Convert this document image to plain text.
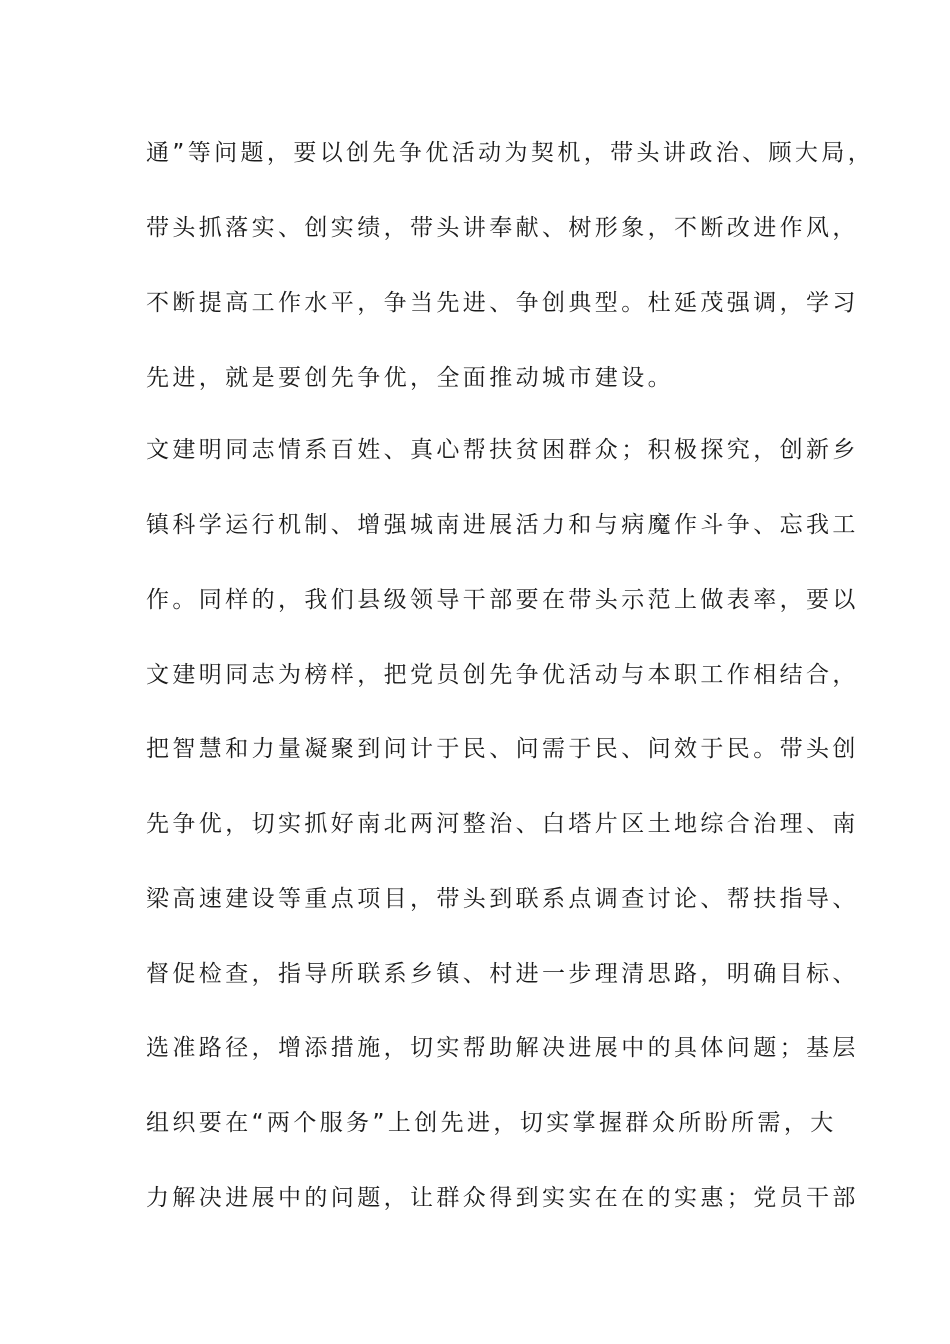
通”等问题，要以创先争优活动为契机，带头讲政治、顾大局，
带头抓落实、创实绩，带头讲奉献、树形象，不断改进作风，
不断提高工作水平，争当先进、争创典型。杜延茂强调，学习
先进，就是要创先争优，全面推动城市建设。
文建明同志情系百姓、真心帮扶贫困群众；积极探究，创新乡
镇科学运行机制、增强城南进展活力和与病魔作斗争、忘我工
作。同样的，我们县级领导干部要在带头示范上做表率，要以
文建明同志为榜样，把党员创先争优活动与本职工作相结合，
把智慧和力量凝聚到问计于民、问需于民、问效于民。带头创
先争优，切实抓好南北两河整治、白塔片区土地综合治理、南
梁高速建设等重点项目，带头到联系点调查讨论、帮扶指导、
督促检查，指导所联系乡镇、村进一步理清思路，明确目标、
选准路径，增添措施，切实帮助解决进展中的具体问题；基层
组织要在“两个服务”上创先进，切实掌握群众所盼所需，大
力解决进展中的问题，让群众得到实实在在的实惠；党员干部
